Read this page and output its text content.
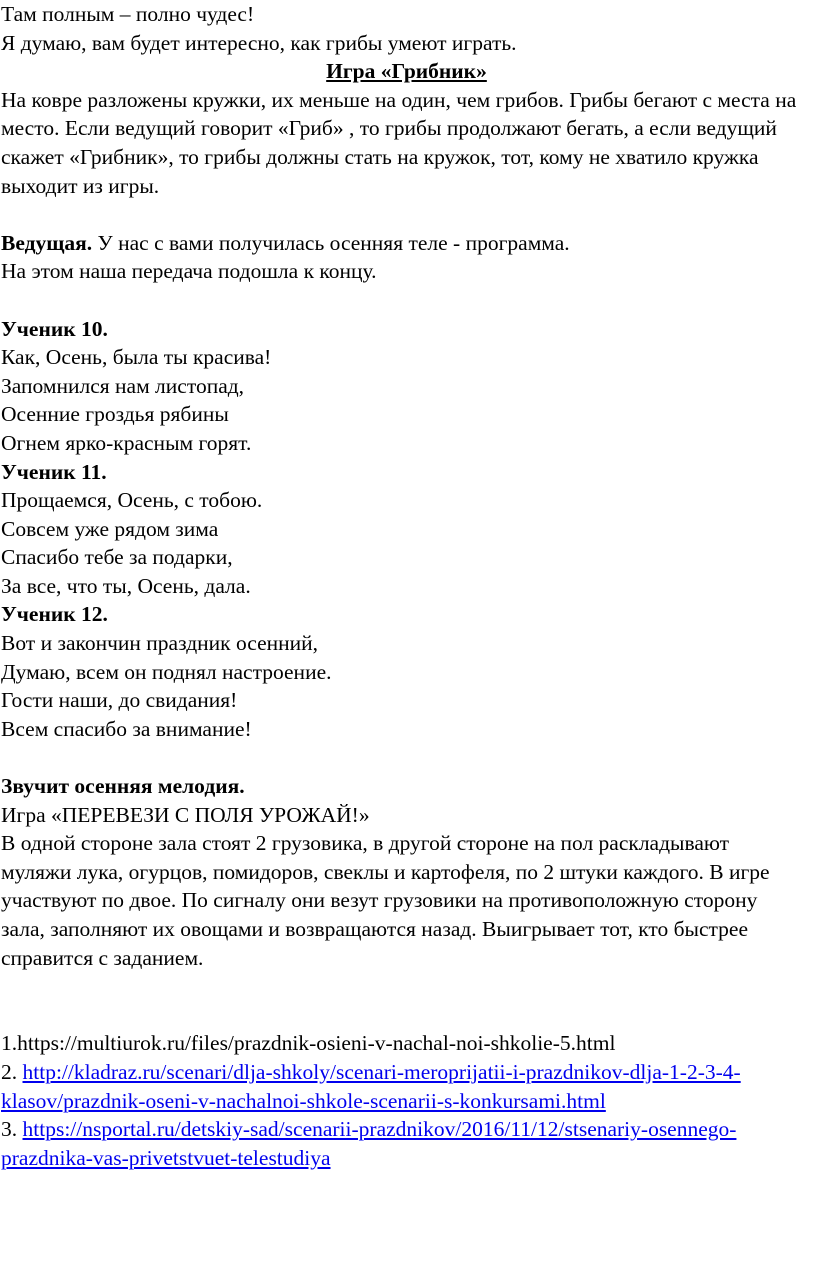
Там полным – полно чудес!
Я думаю, вам будет интересно, как грибы умеют играть.
Игра «Грибник»
На ковре разложены кружки, их меньше на один, чем грибов. Грибы бегают с места на место. Если ведущий говорит «Гриб» , то грибы продолжают бегать, а если ведущий скажет «Грибник», то грибы должны стать на кружок, тот, кому не хватило кружка выходит из игры.
Ведущая. У нас с вами получилась осенняя теле - программа.
На этом наша передача подошла к концу.
Ученик 10.
Как, Осень, была ты красива!
Запомнился нам листопад,
Осенние гроздья рябины
Огнем ярко-красным горят.
Ученик 11.
Прощаемся, Осень, с тобою.
Совсем уже рядом зима
Спасибо тебе за подарки,
За все, что ты, Осень, дала.
Ученик 12.
Вот и закончин праздник осенний,
Думаю, всем он поднял настроение.
Гости наши, до свидания!
Всем спасибо за внимание!
Звучит осенняя мелодия.
Игра «ПЕРЕВЕЗИ С ПОЛЯ УРОЖАЙ!»
В одной стороне зала стоят 2 грузовика, в другой стороне на пол раскладывают муляжи лука, огурцов, помидоров, свеклы и картофеля, по 2 штуки каждого. В игре участвуют по двое. По сигналу они везут грузовики на противоположную сторону зала, заполняют их овощами и возвращаются назад. Выигрывает тот, кто быстрее справится с заданием.
1.https://multiurok.ru/files/prazdnik-osieni-v-nachal-noi-shkolie-5.html
2. http://kladraz.ru/scenari/dlja-shkoly/scenari-meroprijatii-i-prazdnikov-dlja-1-2-3-4-klasov/prazdnik-oseni-v-nachalnoi-shkole-scenarii-s-konkursami.html
3. https://nsportal.ru/detskiy-sad/scenarii-prazdnikov/2016/11/12/stsenariy-osennego-prazdnika-vas-privetstvuet-telestudiya
